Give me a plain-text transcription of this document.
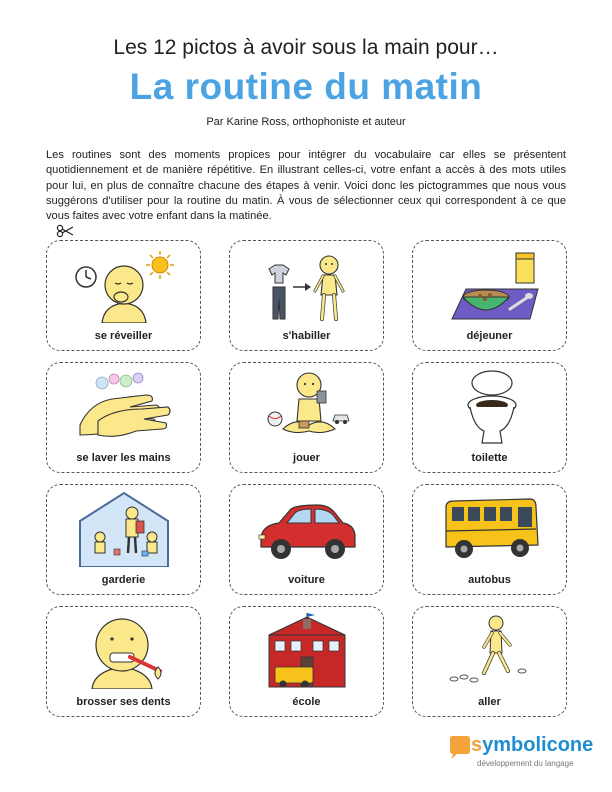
Les 12 pictos à avoir sous la main pour…
La routine du matin
Par Karine Ross, orthophoniste et auteur
Les routines sont des moments propices pour intégrer du vocabulaire car elles se présentent quotidiennement et de manière répétitive. En illustrant celles-ci, votre enfant a accès à des mots utiles pour lui, en plus de connaître chacune des étapes à venir. Voici donc les pictogrammes que nous vous suggérons d'utiliser pour la routine du matin. À vous de sélectionner ceux qui correspondent à ce que vous faites avec votre enfant dans la matinée.
se réveiller	s'habiller	déjeuner
se laver les mains	jouer	toilette
garderie	voiture	autobus
brosser ses dents	école	aller
symbolicone
développement du langage
